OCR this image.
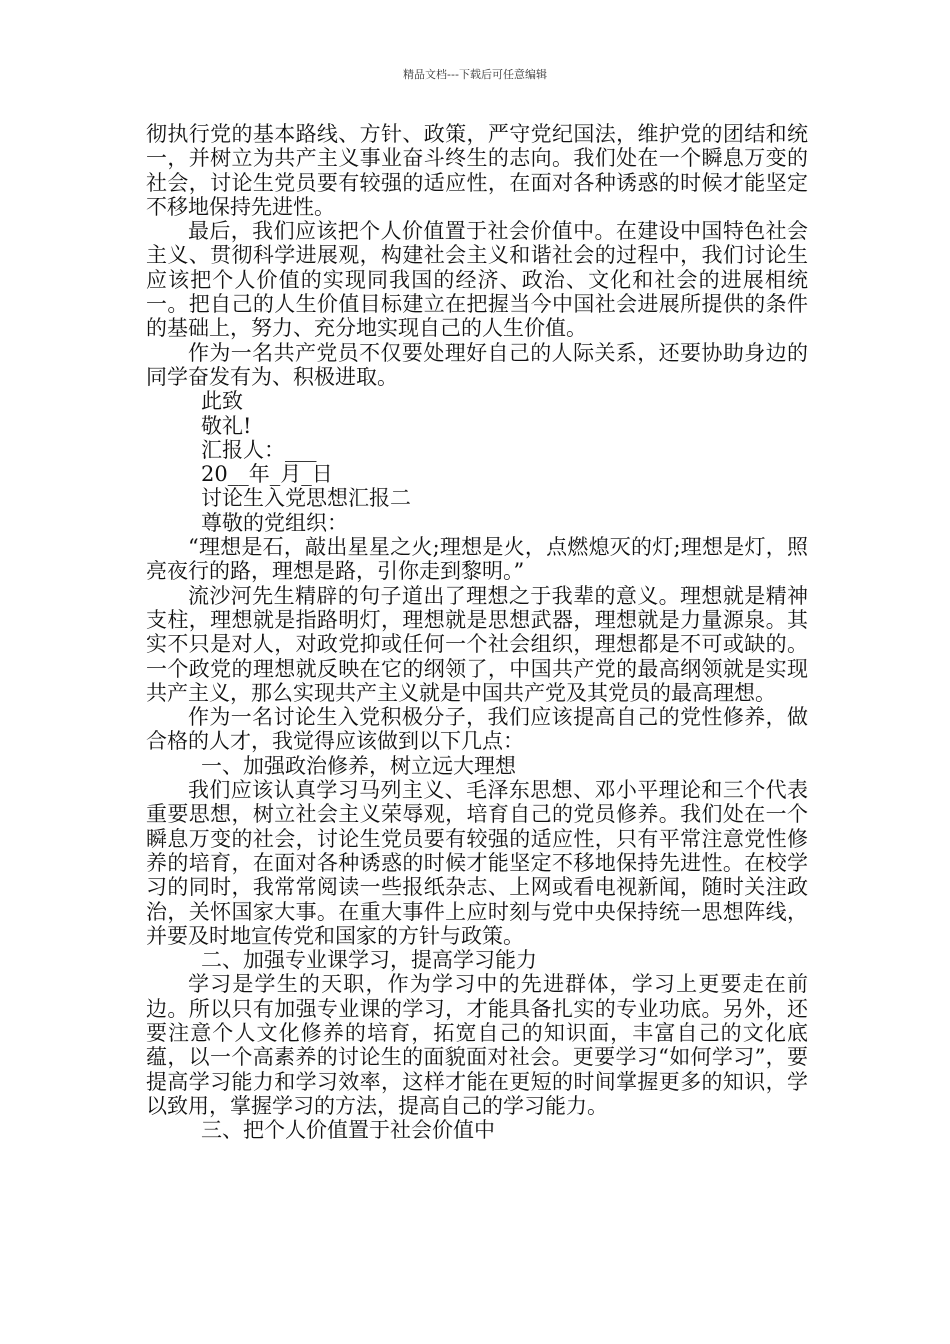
精品文档---下载后可任意编辑

彻执行党的基本路线、方针、政策，严守党纪国法，维护党的团结和统一，并树立为共产主义事业奋斗终生的志向。我们处在一个瞬息万变的社会，讨论生党员要有较强的适应性，在面对各种诱惑的时候才能坚定不移地保持先进性。

最后，我们应该把个人价值置于社会价值中。在建设中国特色社会主义、贯彻科学进展观，构建社会主义和谐社会的过程中，我们讨论生应该把个人价值的实现同我国的经济、政治、文化和社会的进展相统一。把自己的人生价值目标建立在把握当今中国社会进展所提供的条件的基础上，努力、充分地实现自己的人生价值。

作为一名共产党员不仅要处理好自己的人际关系，还要协助身边的同学奋发有为、积极进取。

此致

敬礼!

汇报人：___

20__年_月_日

讨论生入党思想汇报二

尊敬的党组织：

“理想是石，敲出星星之火;理想是火，点燃熄灭的灯;理想是灯，照亮夜行的路，理想是路，引你走到黎明。”

流沙河先生精辟的句子道出了理想之于我辈的意义。理想就是精神支柱，理想就是指路明灯，理想就是思想武器，理想就是力量源泉。其实不只是对人，对政党抑或任何一个社会组织，理想都是不可或缺的。一个政党的理想就反映在它的纲领了，中国共产党的最高纲领就是实现共产主义，那么实现共产主义就是中国共产党及其党员的最高理想。

作为一名讨论生入党积极分子，我们应该提高自己的党性修养，做合格的人才，我觉得应该做到以下几点：

一、加强政治修养，树立远大理想

我们应该认真学习马列主义、毛泽东思想、邓小平理论和三个代表重要思想，树立社会主义荣辱观，培育自己的党员修养。我们处在一个瞬息万变的社会，讨论生党员要有较强的适应性，只有平常注意党性修养的培育，在面对各种诱惑的时候才能坚定不移地保持先进性。在校学习的同时，我常常阅读一些报纸杂志、上网或看电视新闻，随时关注政治，关怀国家大事。在重大事件上应时刻与党中央保持统一思想阵线，并要及时地宣传党和国家的方针与政策。

二、加强专业课学习，提高学习能力

学习是学生的天职，作为学习中的先进群体，学习上更要走在前边。所以只有加强专业课的学习，才能具备扎实的专业功底。另外，还要注意个人文化修养的培育，拓宽自己的知识面，丰富自己的文化底蕴，以一个高素养的讨论生的面貌面对社会。更要学习“如何学习”，要提高学习能力和学习效率，这样才能在更短的时间掌握更多的知识，学以致用，掌握学习的方法，提高自己的学习能力。

三、把个人价值置于社会价值中
